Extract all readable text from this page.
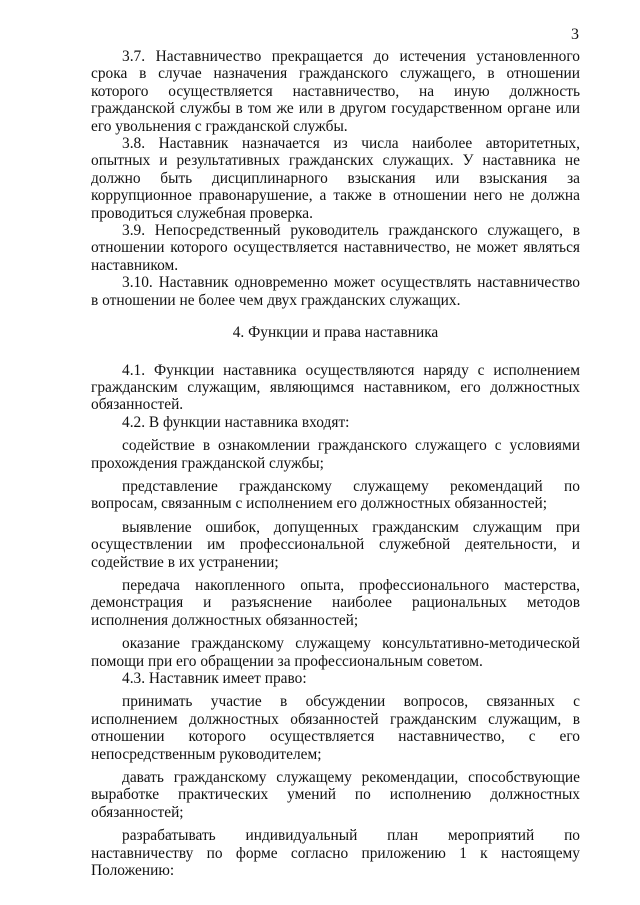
3

3.7. Наставничество прекращается до истечения установленного срока в случае назначения гражданского служащего, в отношении которого осуществляется наставничество, на иную должность гражданской службы в том же или в другом государственном органе или его увольнения с гражданской службы.

3.8. Наставник назначается из числа наиболее авторитетных, опытных и результативных гражданских служащих. У наставника не должно быть дисциплинарного взыскания или взыскания за коррупционное правонарушение, а также в отношении него не должна проводиться служебная проверка.

3.9. Непосредственный руководитель гражданского служащего, в отношении которого осуществляется наставничество, не может являться наставником.

3.10. Наставник одновременно может осуществлять наставничество в отношении не более чем двух гражданских служащих.

4. Функции и права наставника

4.1. Функции наставника осуществляются наряду с исполнением гражданским служащим, являющимся наставником, его должностных обязанностей.

4.2. В функции наставника входят:

содействие в ознакомлении гражданского служащего с условиями прохождения гражданской службы;

представление гражданскому служащему рекомендаций по вопросам, связанным с исполнением его должностных обязанностей;

выявление ошибок, допущенных гражданским служащим при осуществлении им профессиональной служебной деятельности, и содействие в их устранении;

передача накопленного опыта, профессионального мастерства, демонстрация и разъяснение наиболее рациональных методов исполнения должностных обязанностей;

оказание гражданскому служащему консультативно-методической помощи при его обращении за профессиональным советом.

4.3. Наставник имеет право:

принимать участие в обсуждении вопросов, связанных с исполнением должностных обязанностей гражданским служащим, в отношении которого осуществляется наставничество, с его непосредственным руководителем;

давать гражданскому служащему рекомендации, способствующие выработке практических умений по исполнению должностных обязанностей;

разрабатывать индивидуальный план мероприятий по наставничеству по форме согласно приложению 1 к настоящему Положению:
